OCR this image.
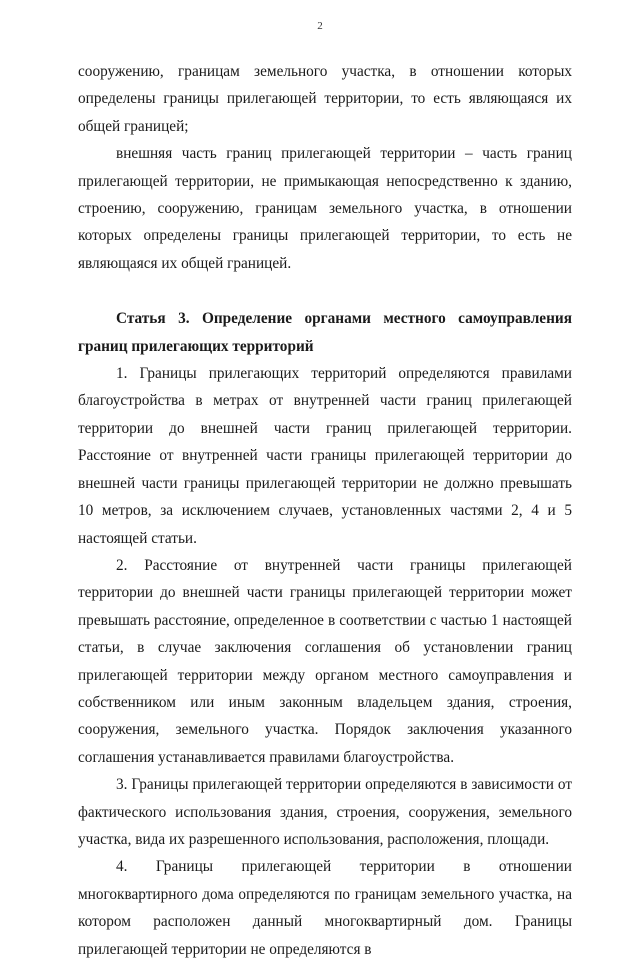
2

сооружению, границам земельного участка, в отношении которых определены границы прилегающей территории, то есть являющаяся их общей границей;

внешняя часть границ прилегающей территории – часть границ прилегающей территории, не примыкающая непосредственно к зданию, строению, сооружению, границам земельного участка, в отношении которых определены границы прилегающей территории, то есть не являющаяся их общей границей.

Статья 3. Определение органами местного самоуправления границ прилегающих территорий

1. Границы прилегающих территорий определяются правилами благоустройства в метрах от внутренней части границ прилегающей территории до внешней части границ прилегающей территории. Расстояние от внутренней части границы прилегающей территории до внешней части границы прилегающей территории не должно превышать 10 метров, за исключением случаев, установленных частями 2, 4 и 5 настоящей статьи.

2. Расстояние от внутренней части границы прилегающей территории до внешней части границы прилегающей территории может превышать расстояние, определенное в соответствии с частью 1 настоящей статьи, в случае заключения соглашения об установлении границ прилегающей территории между органом местного самоуправления и собственником или иным законным владельцем здания, строения, сооружения, земельного участка. Порядок заключения указанного соглашения устанавливается правилами благоустройства.

3. Границы прилегающей территории определяются в зависимости от фактического использования здания, строения, сооружения, земельного участка, вида их разрешенного использования, расположения, площади.

4. Границы прилегающей территории в отношении многоквартирного дома определяются по границам земельного участка, на котором расположен данный многоквартирный дом. Границы прилегающей территории не определяются в
